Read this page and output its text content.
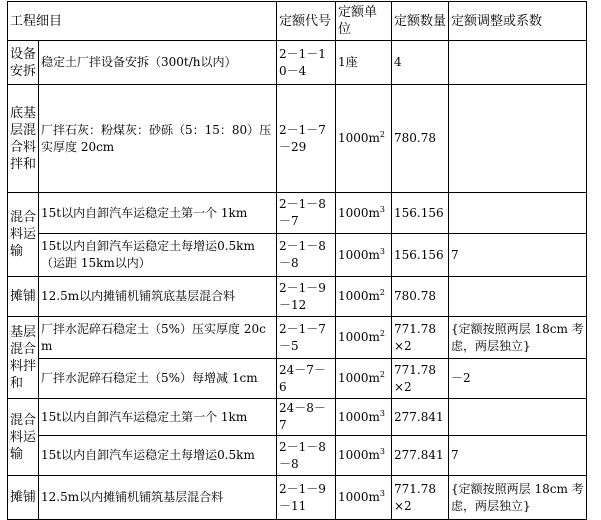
工程细目		定额代号	定额单位	定额数量	定额调整或系数
设备安拆	稳定土厂拌设备安拆（300t/h以内）	2－1－10－4	1座	4	
底基层混合料拌和	厂拌石灰：粉煤灰：砂砾（5：15：80）压实厚度 20cm	2－1－7－29	$1000m^2$	780.78	
混合料运输	15t以内自卸汽车运稳定土第一个 1km	2－1－8－7	$1000m^3$	156.156	
	15t以内自卸汽车运稳定土每增运0.5km（运距 15km以内）	2－1－8－8	$1000m^3$	156.156	7
摊铺	12.5m以内摊铺机铺筑底基层混合料	2－1－9－12	$1000m^2$	780.78	
基层混合料拌和	厂拌水泥碎石稳定土（5%）压实厚度 20cm	2－1－7－5	$1000m^2$	771.78×2	{定额按照两层 18cm 考虑，两层独立}
	厂拌水泥碎石稳定土（5%）每增减 1cm	24－7－6	$1000m^2$	771.78×2	－2
混合料运输	15t以内自卸汽车运稳定土第一个 1km	24－8－7	$1000m^3$	277.841	
	15t以内自卸汽车运稳定土每增运0.5km	2－1－8－8	$1000m^3$	277.841	7
摊铺	12.5m以内摊铺机铺筑基层混合料	2－1－9－11	$1000m^3$	771.78×2	{定额按照两层 18cm 考虑，两层独立}
